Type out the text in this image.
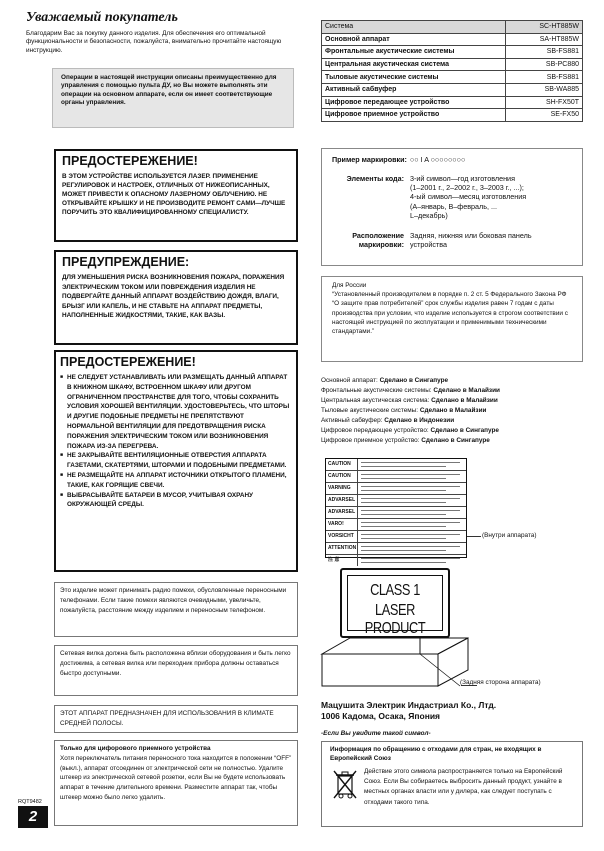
Уважаемый покупатель
Благодарим Вас за покупку данного изделия. Для обеспечения его оптимальной функциональности и безопасности, пожалуйста, внимательно прочитайте настоящую инструкцию.
Операции в настоящей инструкции описаны преимущественно для управления с помощью пульта ДУ, но Вы можете выполнять эти операции на основном аппарате, если он имеет соответствующие органы управления.
ПРЕДОСТЕРЕЖЕНИЕ!
В ЭТОМ УСТРОЙСТВЕ ИСПОЛЬЗУЕТСЯ ЛАЗЕР. ПРИМЕНЕНИЕ РЕГУЛИРОВОК И НАСТРОЕК, ОТЛИЧНЫХ ОТ НИЖЕОПИСАННЫХ, МОЖЕТ ПРИВЕСТИ К ОПАСНОМУ ЛАЗЕРНОМУ ОБЛУЧЕНИЮ. НЕ ОТКРЫВАЙТЕ КРЫШКУ И НЕ ПРОИЗВОДИТЕ РЕМОНТ САМИ—ЛУЧШЕ ПОРУЧИТЬ ЭТО КВАЛИФИЦИРОВАННОМУ СПЕЦИАЛИСТУ.
ПРЕДУПРЕЖДЕНИЕ:
ДЛЯ УМЕНЬШЕНИЯ РИСКА ВОЗНИКНОВЕНИЯ ПОЖАРА, ПОРАЖЕНИЯ ЭЛЕКТРИЧЕСКИМ ТОКОМ ИЛИ ПОВРЕЖДЕНИЯ ИЗДЕЛИЯ НЕ ПОДВЕРГАЙТЕ ДАННЫЙ АППАРАТ ВОЗДЕЙСТВИЮ ДОЖДЯ, ВЛАГИ, БРЫЗГ ИЛИ КАПЕЛЬ, И НЕ СТАВЬТЕ НА АППАРАТ ПРЕДМЕТЫ, НАПОЛНЕННЫЕ ЖИДКОСТЯМИ, ТАКИЕ, КАК ВАЗЫ.
ПРЕДОСТЕРЕЖЕНИЕ!
■ НЕ СЛЕДУЕТ УСТАНАВЛИВАТЬ ИЛИ РАЗМЕЩАТЬ ДАННЫЙ АППАРАТ В КНИЖНОМ ШКАФУ, ВСТРОЕННОМ ШКАФУ ИЛИ ДРУГОМ ОГРАНИЧЕННОМ ПРОСТРАНСТВЕ ДЛЯ ТОГО, ЧТОБЫ СОХРАНИТЬ УСЛОВИЯ ХОРОШЕЙ ВЕНТИЛЯЦИИ. УДОСТОВЕРЬТЕСЬ, ЧТО ШТОРЫ И ДРУГИЕ ПОДОБНЫЕ ПРЕДМЕТЫ НЕ ПРЕПЯТСТВУЮТ НОРМАЛЬНОЙ ВЕНТИЛЯЦИИ ДЛЯ ПРЕДОТВРАЩЕНИЯ РИСКА ПОРАЖЕНИЯ ЭЛЕКТРИЧЕСКИМ ТОКОМ ИЛИ ВОЗНИКНОВЕНИЯ ПОЖАРА ИЗ-ЗА ПЕРЕГРЕВА.
■ НЕ ЗАКРЫВАЙТЕ ВЕНТИЛЯЦИОННЫЕ ОТВЕРСТИЯ АППАРАТА ГАЗЕТАМИ, СКАТЕРТЯМИ, ШТОРАМИ И ПОДОБНЫМИ ПРЕДМЕТАМИ.
■ НЕ РАЗМЕЩАЙТЕ НА АППАРАТ ИСТОЧНИКИ ОТКРЫТОГО ПЛАМЕНИ, ТАКИЕ, КАК ГОРЯЩИЕ СВЕЧИ.
■ ВЫБРАСЫВАЙТЕ БАТАРЕИ В МУСОР, УЧИТЫВАЯ ОХРАНУ ОКРУЖАЮЩЕЙ СРЕДЫ.
Это изделие может принимать радио помехи, обусловленные переносными телефонами. Если такие помехи являются очевидными, увеличьте, пожалуйста, расстояние между изделием и переносным телефоном.
Сетевая вилка должна быть расположена вблизи оборудования и быть легко достижима, а сетевая вилка или переходник прибора должны оставаться быстро доступными.
ЭТОТ АППАРАТ ПРЕДНАЗНАЧЕН ДЛЯ ИСПОЛЬЗОВАНИЯ В КЛИМАТЕ СРЕДНЕЙ ПОЛОСЫ.
Только для цифорового приемного устройства
Хотя переключатель питания переносного тока находится в положении “OFF” (выкл.), аппарат отсоединен от электрической сети не полностью. Удалите штекер из электрической сетевой розетки, если Вы не будете использовать аппарат в течение длительного времени. Разместите аппарат так, чтобы штекер можно было легко удалить.
RQT9482
2
Система	SC-HT885W
Основной аппарат	SA-HT885W
Фронтальные акустические системы	SB-FS881
Центральная акустическая система	SB-PC880
Тыловые акустические системы	SB-FS881
Активный сабвуфер	SB-WA885
Цифровое передающее устройство	SH-FX50T
Цифровое приемное устройство	SE-FX50
Пример маркировки: ○○ I A ○○○○○○○○
Элементы кода: 3-ий символ—год изготовления
(1–2001 г., 2–2002 г., 3–2003 г., ...);
4-ый символ—месяц изготовления
(А–январь, В–февраль, ...
L–декабрь)
Расположение
маркировки:
Задняя, нижняя или боковая панель устройства
Для России
“Установленный производителем в порядке п. 2 ст. 5 Федерального Закона РФ “О защите прав потребителей” срок службы изделия равен 7 годам с даты производства при условии, что изделие используется в строгом соответствии с настоящей инструкцией по эксплуатации и применимыми техническими стандартами.”
Основной аппарат: Сделано в Сингапуре
Фронтальные акустические системы: Сделано в Малайзии
Центральная акустическая система: Сделано в Малайзии
Тыловые акустические системы: Сделано в Малайзии
Активный сабвуфер: Сделано в Индонезии
Цифровое передающее устройство: Сделано в Сингапуре
Цифровое приемное устройство: Сделано в Сингапуре
CAUTION
CAUTION
VARNING
ADVARSEL
ADVARSEL
VARO!
VORSICHT
ATTENTION
注 意
(Внутри аппарата)
CLASS 1
LASER PRODUCT
(Задняя сторона аппарата)
Мацушита Электрик Индастриал Ко., Лтд.
1006 Кадома, Осака, Япония
-Если Вы увидите такой символ-
Информация по обращению с отходами для стран, не входящих в Европейский Союз
Действие этого символа распространяется только на Европейский Союз. Если Вы собираетесь выбросить данный продукт, узнайте в местных органах власти или у дилера, как следует поступать с отходами такого типа.
